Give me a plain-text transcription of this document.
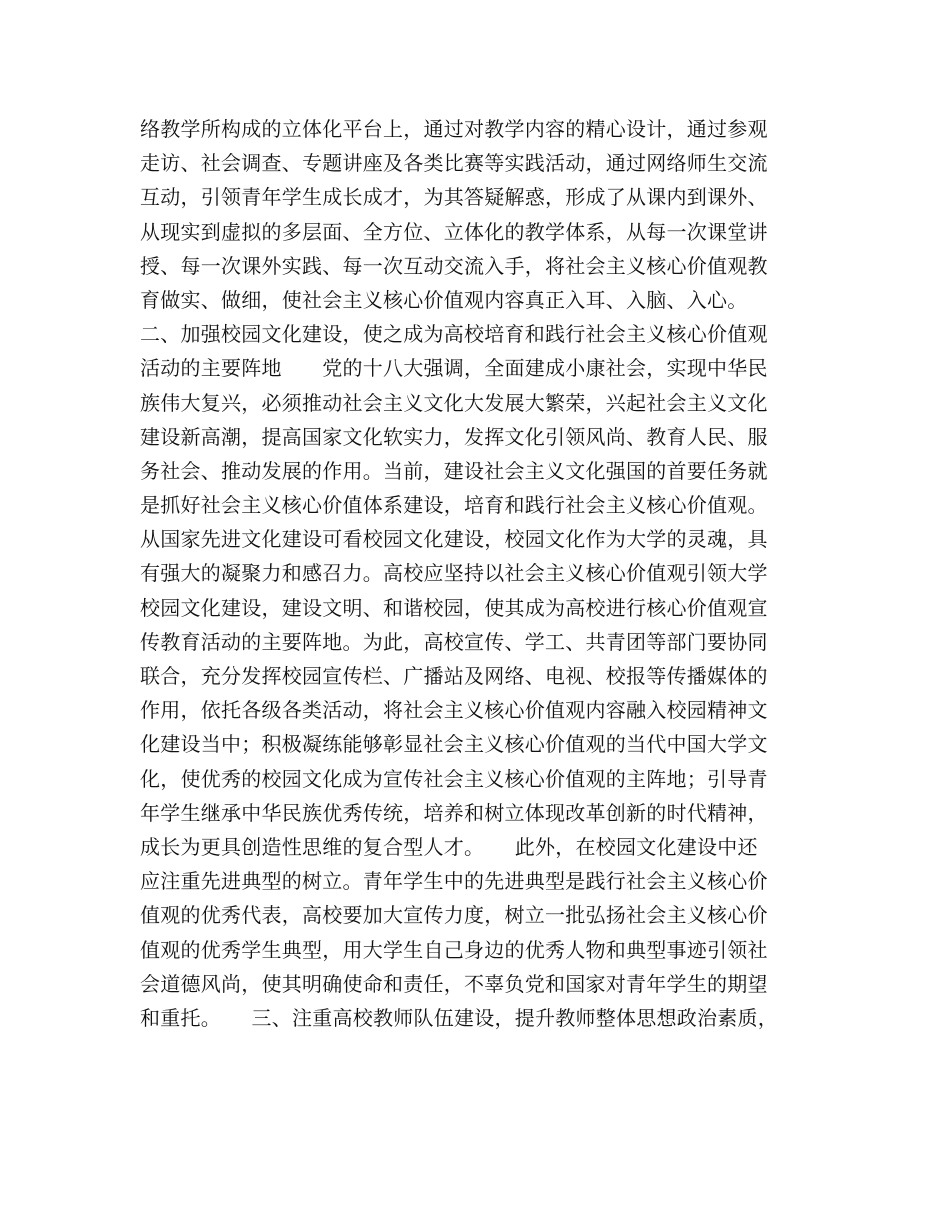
络教学所构成的立体化平台上，通过对教学内容的精心设计，通过参观
走访、社会调查、专题讲座及各类比赛等实践活动，通过网络师生交流
互动，引领青年学生成长成才，为其答疑解惑，形成了从课内到课外、
从现实到虚拟的多层面、全方位、立体化的教学体系，从每一次课堂讲
授、每一次课外实践、每一次互动交流入手，将社会主义核心价值观教
育做实、做细，使社会主义核心价值观内容真正入耳、入脑、入心。
二、加强校园文化建设，使之成为高校培育和践行社会主义核心价值观
活动的主要阵地　　党的十八大强调，全面建成小康社会，实现中华民
族伟大复兴，必须推动社会主义文化大发展大繁荣，兴起社会主义文化
建设新高潮，提高国家文化软实力，发挥文化引领风尚、教育人民、服
务社会、推动发展的作用。当前，建设社会主义文化强国的首要任务就
是抓好社会主义核心价值体系建设，培育和践行社会主义核心价值观。
从国家先进文化建设可看校园文化建设，校园文化作为大学的灵魂，具
有强大的凝聚力和感召力。高校应坚持以社会主义核心价值观引领大学
校园文化建设，建设文明、和谐校园，使其成为高校进行核心价值观宣
传教育活动的主要阵地。为此，高校宣传、学工、共青团等部门要协同
联合，充分发挥校园宣传栏、广播站及网络、电视、校报等传播媒体的
作用，依托各级各类活动，将社会主义核心价值观内容融入校园精神文
化建设当中；积极凝练能够彰显社会主义核心价值观的当代中国大学文
化，使优秀的校园文化成为宣传社会主义核心价值观的主阵地；引导青
年学生继承中华民族优秀传统，培养和树立体现改革创新的时代精神，
成长为更具创造性思维的复合型人才。　　此外，在校园文化建设中还
应注重先进典型的树立。青年学生中的先进典型是践行社会主义核心价
值观的优秀代表，高校要加大宣传力度，树立一批弘扬社会主义核心价
值观的优秀学生典型，用大学生自己身边的优秀人物和典型事迹引领社
会道德风尚，使其明确使命和责任，不辜负党和国家对青年学生的期望
和重托。　　三、注重高校教师队伍建设，提升教师整体思想政治素质，
